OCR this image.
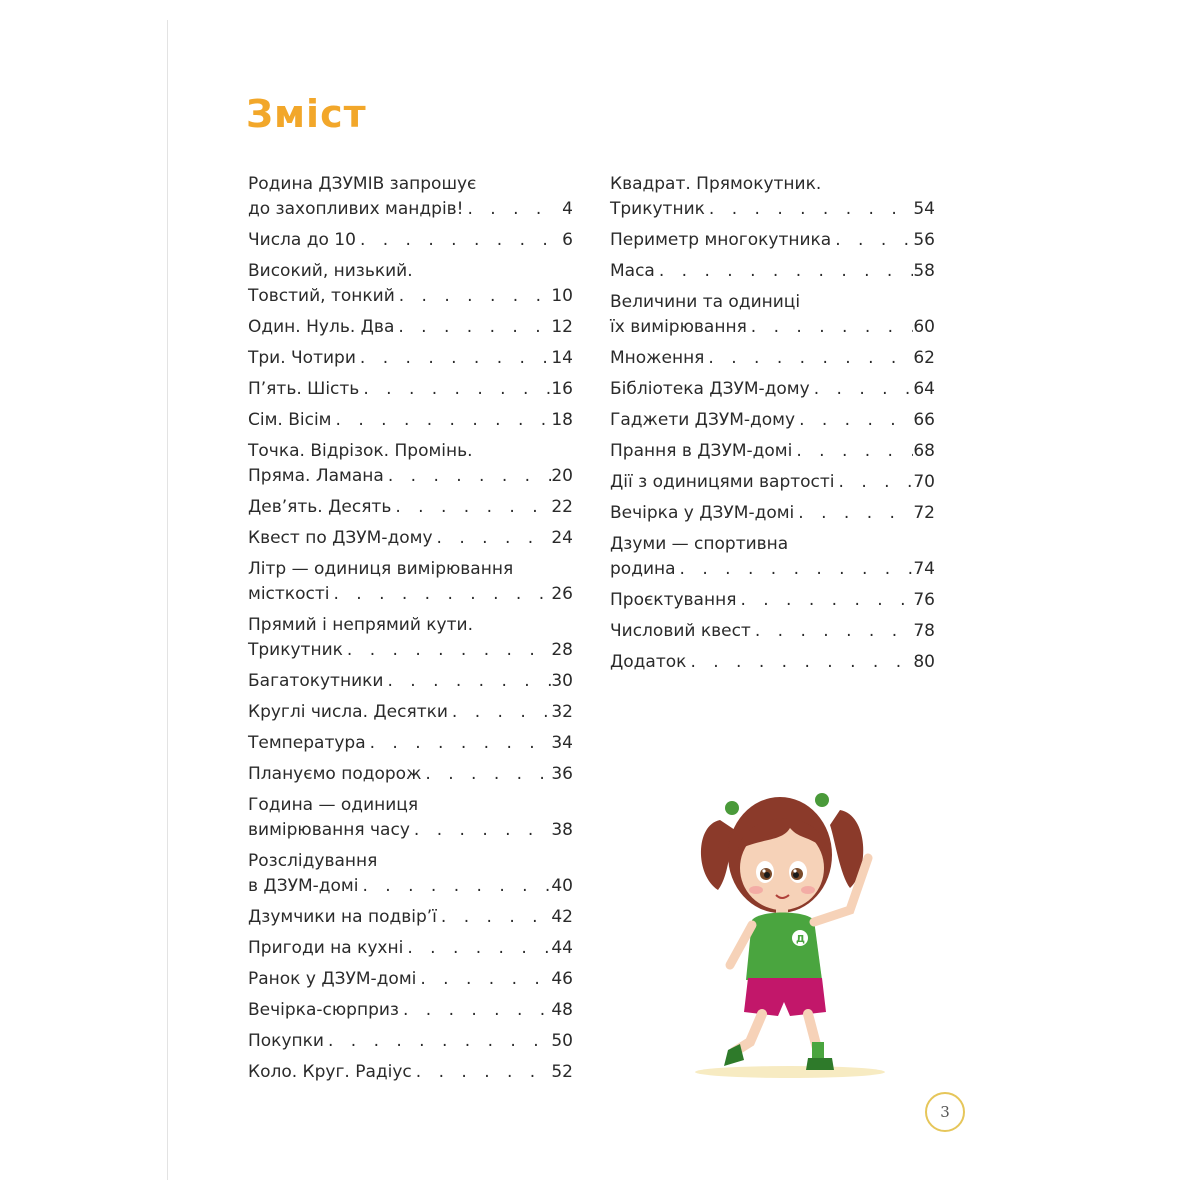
Зміст
Родина ДЗУМІВ запрошує
до захопливих мандрів! . . .	4
Числа до 10 . . .	6
Високий, низький.
Товстий, тонкий . . .	10
Один. Нуль. Два . . .	12
Три. Чотири . . .	14
П’ять. Шість . . .	16
Сім. Вісім . . .	18
Точка. Відрізок. Промінь.
Пряма. Ламана . . .	20
Дев’ять. Десять . . .	22
Квест по ДЗУМ-дому . . .	24
Літр — одиниця вимірювання
місткості . . .	26
Прямий і непрямий кути.
Трикутник . . .	28
Багатокутники . . .	30
Круглі числа. Десятки . . .	32
Температура . . .	34
Плануємо подорож . . .	36
Година — одиниця
вимірювання часу . . .	38
Розслідування
в ДЗУМ-домі . . .	40
Дзумчики на подвір’ї . . .	42
Пригоди на кухні . . .	44
Ранок у ДЗУМ-домі . . .	46
Вечірка-сюрприз . . .	48
Покупки . . .	50
Коло. Круг. Радіус . . .	52
Квадрат. Прямокутник.
Трикутник . . .	54
Периметр многокутника . . .	56
Маса . . .	58
Величини та одиниці
їх вимірювання . . .	60
Множення . . .	62
Бібліотека ДЗУМ-дому . . .	64
Гаджети ДЗУМ-дому . . .	66
Прання в ДЗУМ-домі . . .	68
Дії з одиницями вартості . . .	70
Вечірка у ДЗУМ-домі . . .	72
Дзуми — спортивна
родина . . .	74
Проєктування . . .	76
Числовий квест . . .	78
Додаток . . .	80
Д
3
